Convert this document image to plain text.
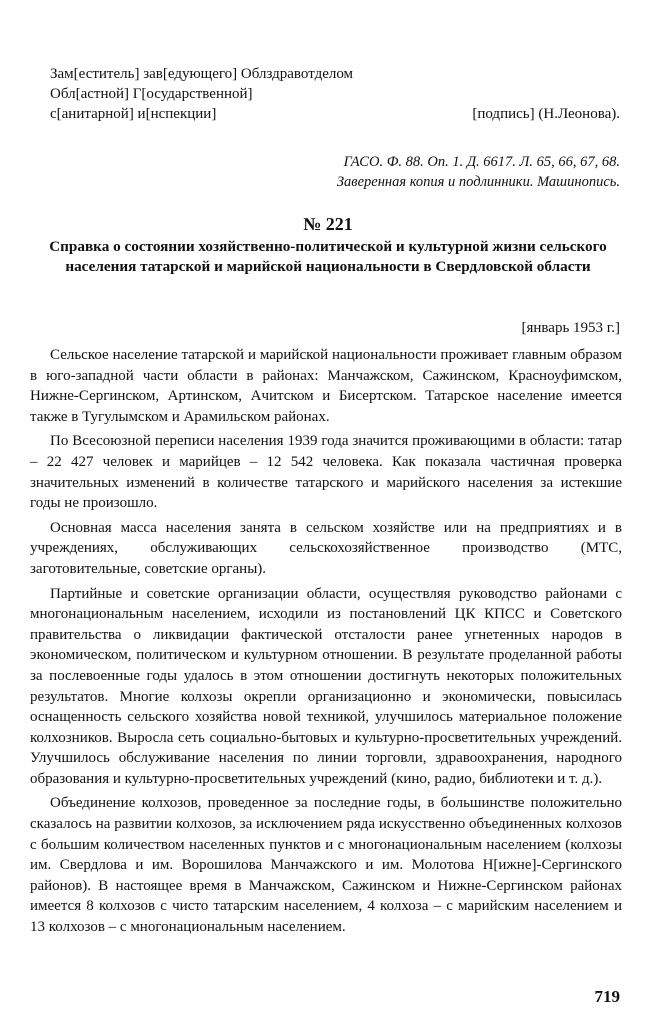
Зам[еститель] зав[едующего] Облздравотделом
Обл[астной] Г[осударственной]
с[анитарной] и[нспекции]	[подпись] (Н.Леонова).
ГАСО. Ф. 88. Оп. 1. Д. 6617. Л. 65, 66, 67, 68.
Заверенная копия и подлинники. Машинопись.
№ 221
Справка о состоянии хозяйственно-политической и культурной жизни сельского населения татарской и марийской национальности в Свердловской области
[январь 1953 г.]

Сельское население татарской и марийской национальности проживает главным образом в юго-западной части области в районах: Манчажском, Сажинском, Красноуфимском, Нижне-Сергинском, Артинском, Ачитском и Бисертском. Татарское население имеется также в Тугулымском и Арамильском районах.

По Всесоюзной переписи населения 1939 года значится проживающими в области: татар – 22 427 человек и марийцев – 12 542 человека. Как показала частичная проверка значительных изменений в количестве татарского и марийского населения за истекшие годы не произошло.

Основная масса населения занята в сельском хозяйстве или на предприятиях и в учреждениях, обслуживающих сельскохозяйственное производство (МТС, заготовительные, советские органы).

Партийные и советские организации области, осуществляя руководство районами с многонациональным населением, исходили из постановлений ЦК КПСС и Советского правительства о ликвидации фактической отсталости ранее угнетенных народов в экономическом, политическом и культурном отношении. В результате проделанной работы за послевоенные годы удалось в этом отношении достигнуть некоторых положительных результатов. Многие колхозы окрепли организационно и экономически, повысилась оснащенность сельского хозяйства новой техникой, улучшилось материальное положение колхозников. Выросла сеть социально-бытовых и культурно-просветительных учреждений. Улучшилось обслуживание населения по линии торговли, здравоохранения, народного образования и культурно-просветительных учреждений (кино, радио, библиотеки и т. д.).

Объединение колхозов, проведенное за последние годы, в большинстве положительно сказалось на развитии колхозов, за исключением ряда искусственно объединенных колхозов с большим количеством населенных пунктов и с многонациональным населением (колхозы им. Свердлова и им. Ворошилова Манчажского и им. Молотова Н[ижне]-Сергинского районов). В настоящее время в Манчажском, Сажинском и Нижне-Сергинском районах имеется 8 колхозов с чисто татарским населением, 4 колхоза – с марийским населением и 13 колхозов – с многонациональным населением.

719
